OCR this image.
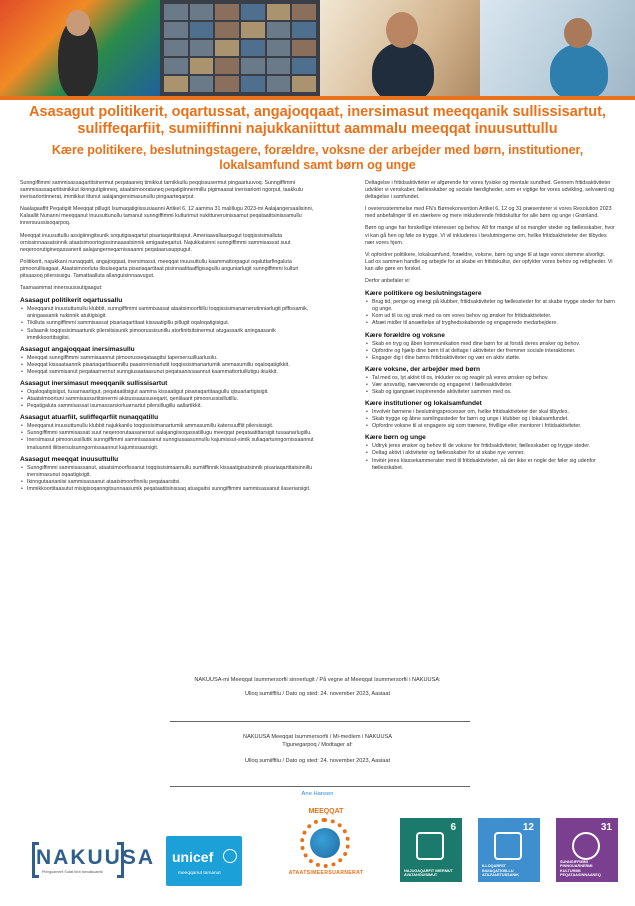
Asasagut politikerit, oqartussat, angajoqqaat, inersimasut meeqqanik sullissisartut, suliffeqarfiit, sumiiffinni najukkaniittut aammalu meeqqat inuusuttullu
Kære politikere, beslutningstagere, forældre, voksne der arbejder med børn, institutioner, lokalsamfund samt børn og unge

Sunngiffimmi sammisassaqartitsinermut peqataaneq timikkut tarnikkullu peqqissusermut pingaartuuvoq. Sunngiffimmi sammisassaqartitsinikkut ikinngutigiinneq, ataatsimoorataneq peqatigiinnermillu pigimaasat inerisarlorit ngorput, taakkulu inerisarlortinnerat, immikkut ittunut aalajangersimasunullu pingaarteqarput.

Naalagaaffit Peqatigiit Meeqqat pillugit Isumaqatigiissusiaanni Artikel 6, 12 aamma 31 malillugu 2023-mi Aalajangersaalisinni, Kalaallit Nunanni meeqqanut inuusuttunullu tamanut sunngiffimmi kulturimut nukittuneruinissamut peqataatitsinissamullu innersuussisoqarpoq.

Meeqqat inuusuttullu assigiinngitsunik soqutigisaqartut pisariaqartitsisput. Ameriaavallaarpugut toqqissisimalluta ornissinnaasatsinnik ataatsimoortogissinnaasatsinnik amigaateqartut. Najukkatsinni sunngiffimmi sammisassat suut neqeroorutigineqassanerit aalajangerneqarnissaanni peqataarusuppugut.

Politikerit, najukkani nunaqqatit, angajoqqaat, inersimasut, meeqqat inuusuttullu kaammattorpagut oqaluttarfingaluta pimoorullisagaat. Ataatsimoorluta ilisuisegarta pisariaqartitaat pisinnaatitaaffigisagullu anguniarlugit sunngiffimmi kulturi pitsaasoq pilersissigu. Tamattaalluta allanguisinnaavugut.

Taamaammat innersuussutigaagut:

Asasagut politikerit oqartussallu
• Meeqqanut inuusuttunullu klubbit, sunngiffimmi sammisassat ataatsimoorfiillu toqqissisimanarnerutinniarlugit piffissamik, aningaasanik nukinnik atuitigisigit.
• Tikilluta sunngiffimmi sammisassat pisariaqartitaat kissaatigillu pillugit oqaloqatigisigut.
• Suliaanik toqqissisimaartunik pilersitsisunik pimoorussisunillu atorfinitsitsinermut atugassarik aningaasanik immikkoortitsigitsi.
Asasagut angajoqqaat inersimasullu
• Meeqqat sunngiffimmi sammisaannut pimoorusseqataagitsi tapersersuilluarlusilu.
• Meeqqat kissaataannik pisariaqartitaannillu paasinninniarlutit toqqissisimanartumik ammasumillu oqaloqatigikkit.
• Meeqqat sammisanut peqataarnernut sunngiusaataasunut peqataanissaannut kaammattortuillutigu ikiukkit.
Asasagut inersimasut meeqqanik sullissisartut
• Oqaloqatigisigut, tusarnaartigut, peqataatitsigut aamma kissaatigut pisariaqartitaagullu qisuariartigisigit.
• Ataatsimoortuni sammisassartitsinermi akisussaassuseqarit, qeniilaarit pimoorussisillutillu.
• Peqatigaluta sammisassat isumassarsiorluarnartut pilersillugillu aallartikkit.
Asasagut atuarfiit, suliffeqarfiit nunaqqatillu
• Meeqqanut inuusuttunullu klubbit najukkanilu toqqissisimanartumik ammasumillu katersuuffiit pilersissigit.
• Sunngiffimmi sammisassat suut neqeroorutaasanersut aalajangiisoqassatillugu meeqqat peqataatittarsigit tusaanarlugillu.
• Inersimasut pimoorussillutik sunngiffimmi sammisassanut sunngiusaasunnullu kajumissut-simik suliaqartunngornissaannut imaluunnit iliitsersuisunngornissaannut kajumissaarsigit.
Asasagut meeqqat inuusuttullu
• Sunngiffimmi sammisassanut, ataatsimoorfissanut toqqissisimaarnullu sumiiffinnik kissaatigisatsinnik pisariaqartitatsinnillu inersimasunut oqaatigisigit.
• Ikinngutaarianiisi sammisassanut ataatsimoorfinnilu peqataarsitsi.
• Immikkoortitaasutut misigisoqanngitsunnaasumik peqataatitsinissaq atuagaitsi sunngiffimmi sammisassanut ilaseriarsigit.

Deltagelse i fritidsaktiviteter er afgørende for vores fysiske og mentale sundhed. Gennem fritidsaktiviteter udvikler vi venskaber, fællesskaber og sociale færdigheder, som er vigtige for vores udvikling, selvværd og deltagelse i samfundet.

I overensstemmelse med FN's Børnekonvention Artikel 6, 12 og 31 præsenterer vi vores Resolution 2023 med anbefalinger til en stærkere og mere inkluderende fritidskultur for alle børn og unge i Grønland.

Børn og unge har forskellige interesser og behov. Alt for mange af os mangler steder og fællesskaber, hvor vi kan gå hen og føle os trygge. Vi vil inkluderes i beslutningerne om, hvilke fritidsaktiviteter der tilbydes nær vores hjem.

Vi opfordrer politikere, lokalsamfund, forældre, voksne, børn og unge til at tage vores stemme alvorligt. Lad os sammen handle og arbejde for at skabe en fritidskultur, der opfylder vores behov og rettigheder. Vi kan alle gøre en forskel.

Derfor anbefaler vi:

Kære politikere og beslutningstagere
• Brug tid, penge og energi på klubber, fritidsaktiviteter og fællessteder for at skabe trygge steder for børn og unge.
• Kom ud til os og snak med os om vores behov og ønsker for fritidsaktiviteter.
• Afsæt midler til ansættelse af tryghedsskabende og engagerede medarbejdere.
Kære forældre og voksne
• Skab en tryg og åben kommunikation med dine børn for at forstå deres ønsker og behov.
• Opfordre og hjælp dine børn til at deltage i aktiviteter der fremmer sociale interaktioner.
• Engager dig i dine børns fritidsaktiviteter og vær en aktiv støtte.
Kære voksne, der arbejder med børn
• Tal med os, lyt aktivt til os, inkluder os og reagér på vores ønsker og behov.
• Vær ansvarlig, nærværende og engageret i fællesaktiviteter.
• Skab og igangsæt inspirerende aktiviteter sammen med os.
Kære institutioner og lokalsamfundet
• Involvér børnene i beslutningsprocesser om, hvilke fritidsaktiviteter der skal tilbydes.
• Skab trygge og åbne samlingssteder for børn og unge i klubber og i lokalsamfundet.
• Opfordre voksne til at engagere sig som trænere, frivillige eller mentorer i fritidsaktiviteter.
Kære børn og unge
• Udtryk jeres ønsker og behov til de voksne for fritidsaktiviteter, fællesskaber og trygge steder.
• Deltag aktivt i aktiviteter og fællesskaber for at skabe nye venner.
• Invitér jeres klassekammerater med til fritidsaktiviteter, så der ikke er nogle der føler sig udenfor fællesskabet.

NAKUUSA-mi Meeqqat Isummersorfii sinnerlugit / På vegne af Meeqqat Isummersorfii i NAKUUSA:

Ulloq sumiiffilu / Dato og sted: 24. november 2023, Aasiaat

NAKUUSA Meeqqat Isummersorfii / Mi-medlem i NAKUUSA

Tigunegarpoq / Modtager af:

Ulloq sumiiffilu / Dato og sted: 24. november 2023, Aasiaat

Ane Hansen

NAKUUSA
Pinnguarnerit Suliat tikin tamukkuamik
unicef
meeqqanut tamanut
MEEQQAT
ATAATSIMEERSUARNERAT
6
NAJUGAQARFIT IMERMUT AVATANGUISIMUT
12
ILLOQARFIIT INUIAQATIGIILLU ATAJUARTUSSANIK
31
SUNNGIFFIMMI PINNGUARNERMI KULTURIMI PEQATAASINNAANEQ
